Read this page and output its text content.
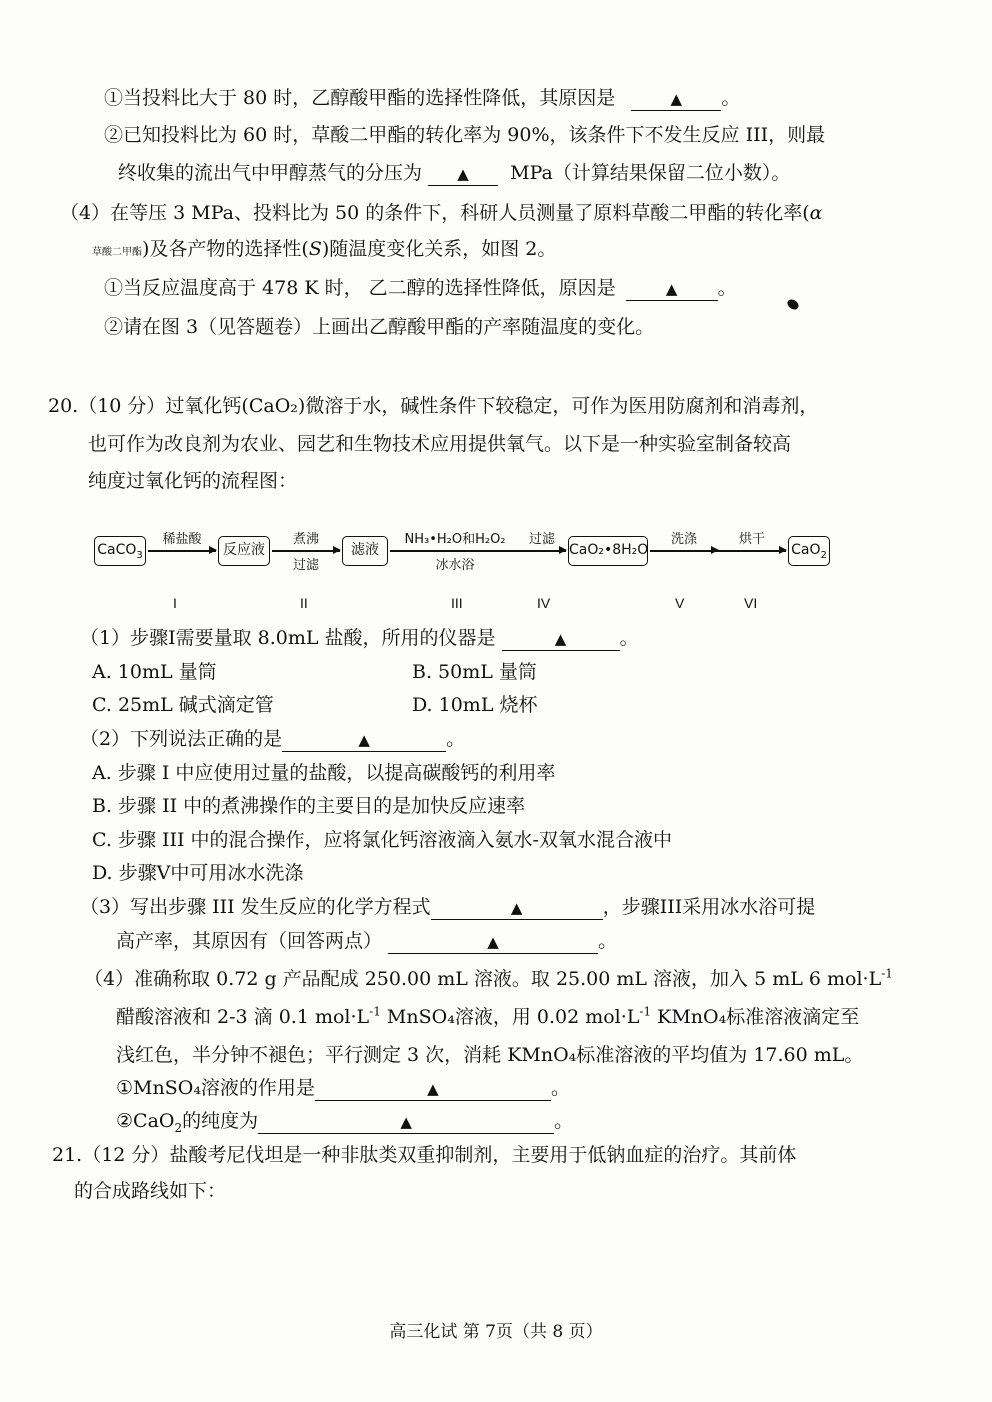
①当投料比大于 80 时，乙醇酸甲酯的选择性降低，其原因是	▲ 。
②已知投料比为 60 时，草酸二甲酯的转化率为 90%，该条件下不发生反应 III，则最
终收集的流出气中甲醇蒸气的分压为 ▲ MPa（计算结果保留二位小数）。
（4）在等压 3 MPa、投料比为 50 的条件下，科研人员测量了原料草酸二甲酯的转化率(α
草酸二甲酯)及各产物的选择性(S)随温度变化关系，如图 2。
①当反应温度高于 478 K 时， 乙二醇的选择性降低，原因是	▲ 。
②请在图 3（见答题卷）上画出乙醇酸甲酯的产率随温度的变化。
20.（10 分）过氧化钙(CaO₂)微溶于水，碱性条件下较稳定，可作为医用防腐剂和消毒剂，
也可作为改良剂为农业、园艺和生物技术应用提供氧气。以下是一种实验室制备较高
纯度过氧化钙的流程图：
CaCO$_3$
稀盐酸
反应液
煮沸
过滤
滤液
NH₃•H₂O和H₂O₂
冰水浴
过滤
CaO₂•8H₂O
洗涤	烘干
CaO$_2$
I	II	III	IV	V	VI
（1）步骤I需要量取 8.0mL 盐酸，所用的仪器是	▲	。
A. 10mL 量筒	B. 50mL 量筒
C. 25mL 碱式滴定管	D. 10mL 烧杯
（2）下列说法正确的是	▲	。
A. 步骤 I 中应使用过量的盐酸，以提高碳酸钙的利用率
B. 步骤 II 中的煮沸操作的主要目的是加快反应速率
C. 步骤 III 中的混合操作，应将氯化钙溶液滴入氨水-双氧水混合液中
D. 步骤V中可用冰水洗涤
（3）写出步骤 III 发生反应的化学方程式	▲	，步骤III采用冰水浴可提
高产率，其原因有（回答两点）	▲	。
（4）准确称取 0.72 g 产品配成 250.00 mL 溶液。取 25.00 mL 溶液，加入 5 mL 6 $mol\cdot L^{-1}$
醋酸溶液和 2-3 滴 0.1 $mol\cdot L^{-1}$ MnSO₄溶液，用 0.02 $mol\cdot L^{-1}$ KMnO₄标准溶液滴定至
浅红色，半分钟不褪色；平行测定 3 次，消耗 KMnO₄标准溶液的平均值为 17.60 mL。
①MnSO₄溶液的作用是	▲	。
②CaO$_2$的纯度为	▲	。
21.（12 分）盐酸考尼伐坦是一种非肽类双重抑制剂，主要用于低钠血症的治疗。其前体
的合成路线如下：
高三化试 第 7页（共 8 页）
